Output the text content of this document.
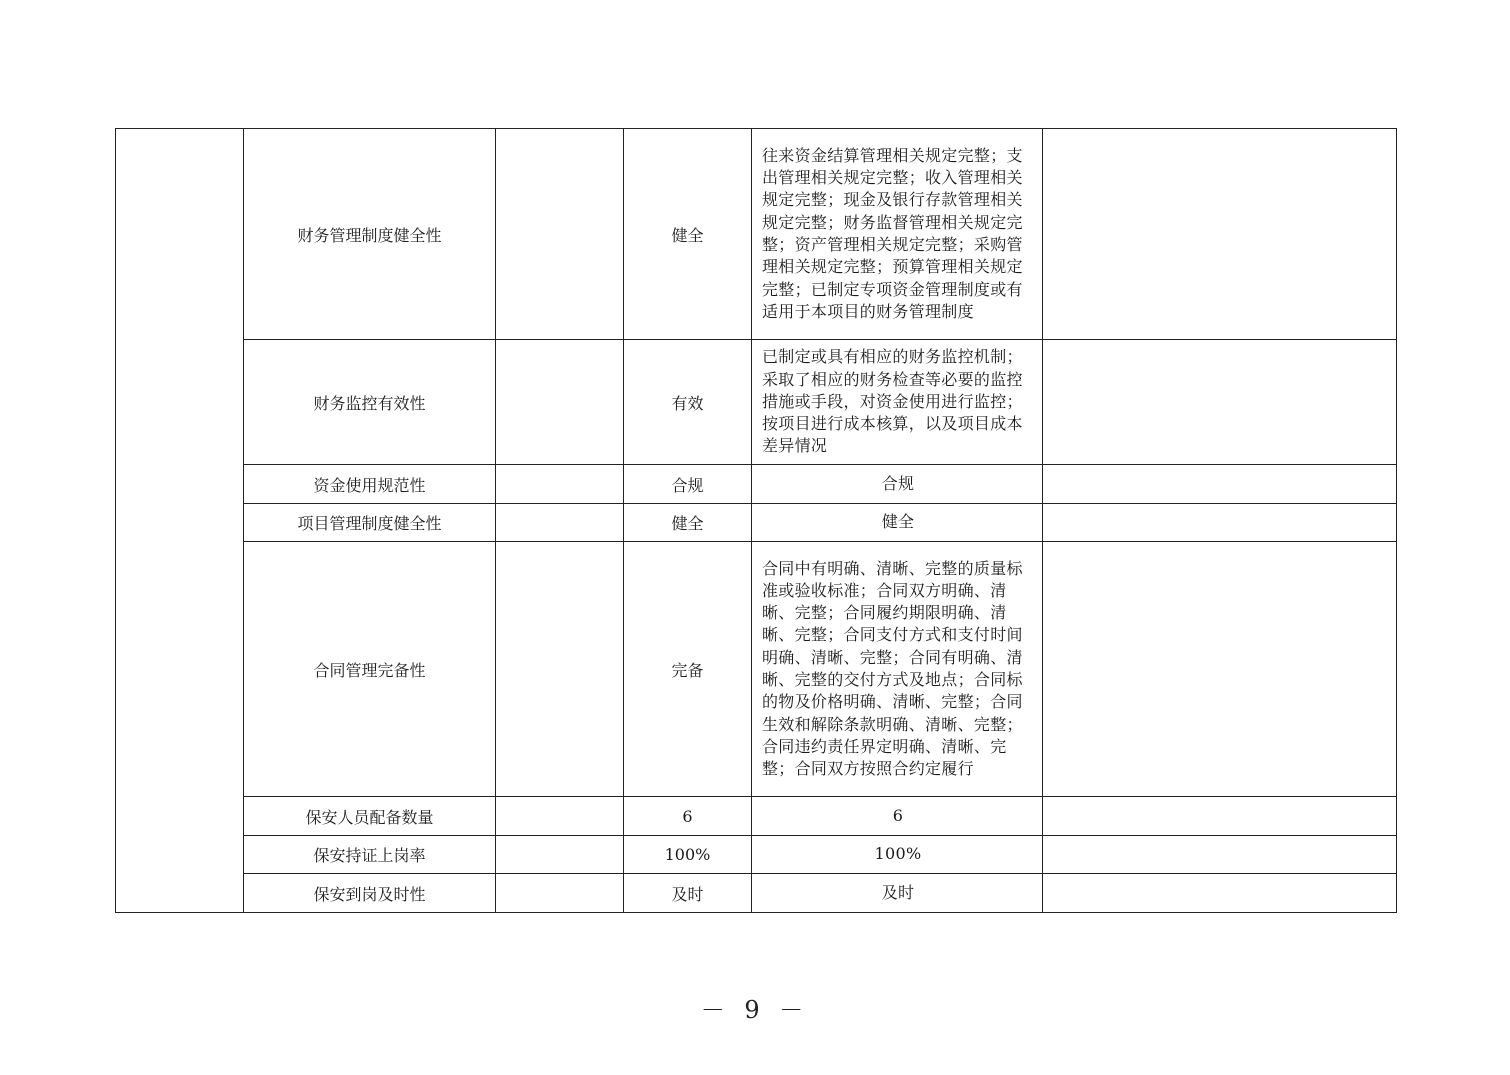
	财务管理制度健全性		健全	往来资金结算管理相关规定完整；支出管理相关规定完整；收入管理相关规定完整；现金及银行存款管理相关规定完整；财务监督管理相关规定完整；资产管理相关规定完整；采购管理相关规定完整；预算管理相关规定完整；已制定专项资金管理制度或有适用于本项目的财务管理制度	
	财务监控有效性		有效	已制定或具有相应的财务监控机制；采取了相应的财务检查等必要的监控措施或手段，对资金使用进行监控；按项目进行成本核算，以及项目成本差异情况	
	资金使用规范性		合规	合规	
	项目管理制度健全性		健全	健全	
	合同管理完备性		完备	合同中有明确、清晰、完整的质量标准或验收标准；合同双方明确、清晰、完整；合同履约期限明确、清晰、完整；合同支付方式和支付时间明确、清晰、完整；合同有明确、清晰、完整的交付方式及地点；合同标的物及价格明确、清晰、完整；合同生效和解除条款明确、清晰、完整；合同违约责任界定明确、清晰、完整；合同双方按照合约定履行	
	保安人员配备数量		6	6	
	保安持证上岗率		100%	100%	
	保安到岗及时性		及时	及时	
－ 9 －
